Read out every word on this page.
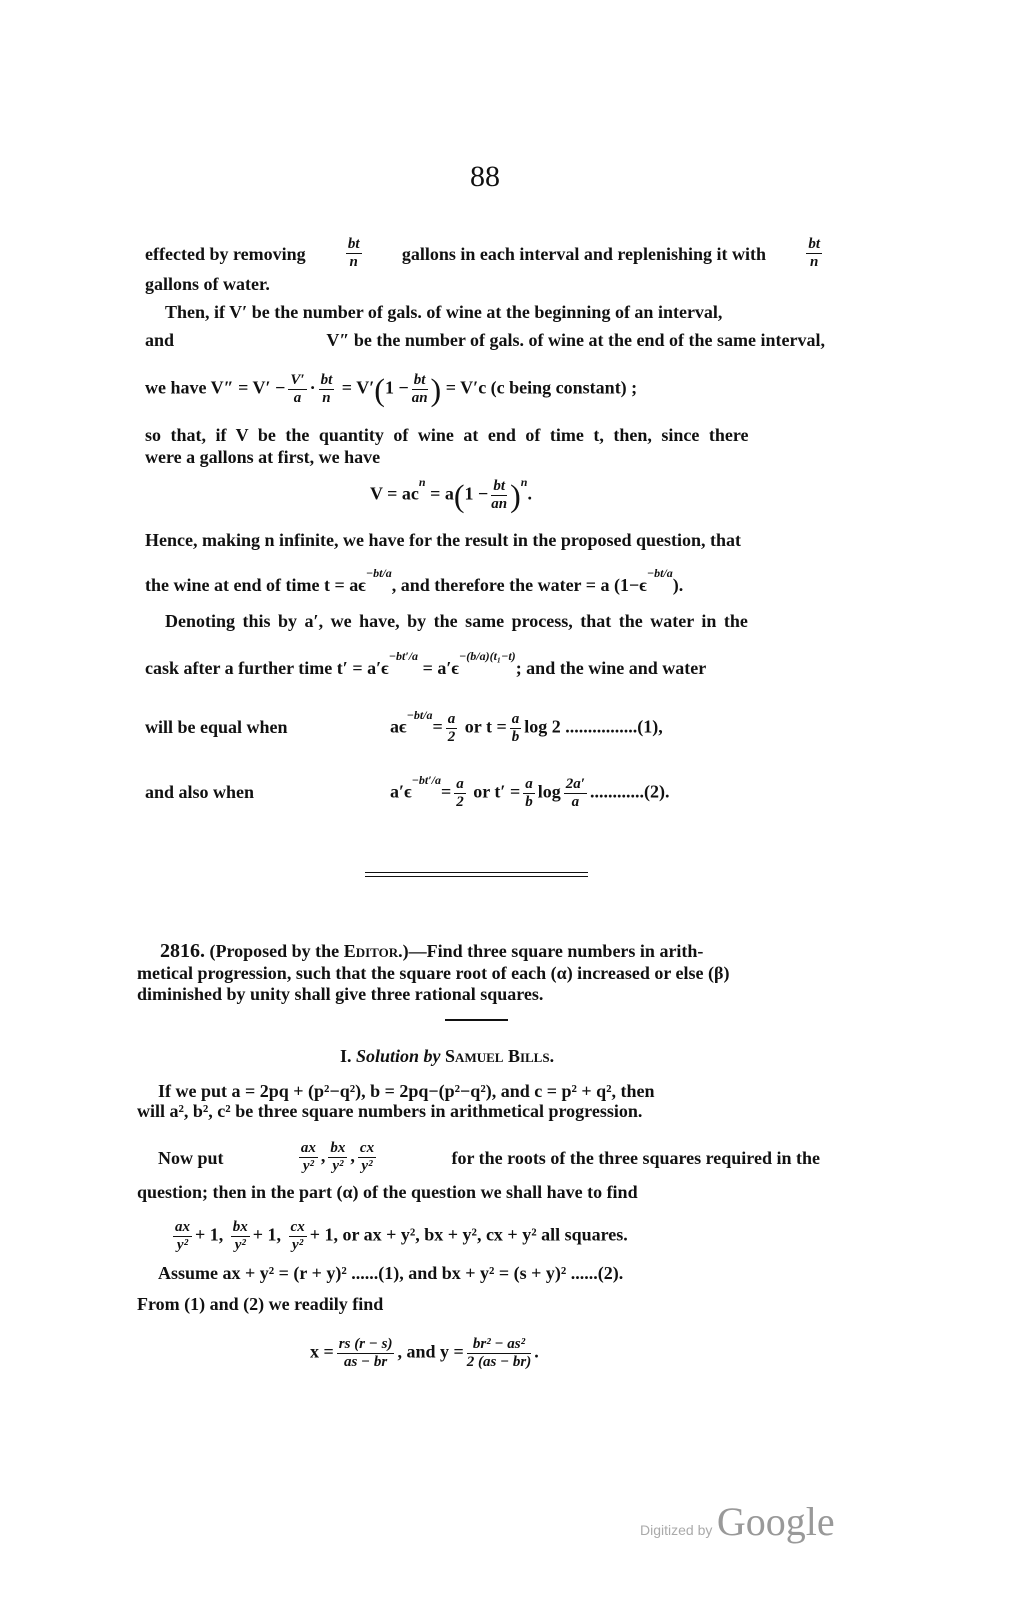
88
effected by removing	bt
n gallons in each interval and replenishing it with	bt
n
gallons of water.
Then, if V′ be the number of gals. of wine at the beginning of an interval,
and	V″ be the number of gals. of wine at the end of the same interval,
we have $V'' = V' - \frac{V'}{a} \cdot \frac{bt}{n} = V'(1 - \frac{bt}{an}$ ) = V′c (c being constant) ;
so that, if V be the quantity of wine at end of time t, then, since there
were a gallons at first, we have
$V = ac^n = a(1 - \frac{bt}{an} )^n$.
Hence, making n infinite, we have for the result in the proposed question, that
the wine at end of time $t = a\epsilon^{-bt/a}$, and therefore the water = a $(1-\epsilon^{-bt/a})$.
Denoting this by a′, we have, by the same process, that the water in the
cask after a further time $t' = a'\epsilon^{-bt'/a} = a'\epsilon^{-(b/a)(t_1-t)}$; and the wine and water
will be equal when	$a\epsilon^{-bt/a}= \frac{a}{2}$ or $t = \frac{a}{b}$ log 2 ................(1),
and also when	$a'\epsilon^{-bt'/a}= \frac{a}{2}$ or $t' = \frac{a}{b}$ $\log \frac{2a'}{a} ............(2)$.
2816. (Proposed by the Editor.)—Find three square numbers in arith-
metical progression, such that the square root of each (α) increased or else (β)
diminished by unity shall give three rational squares.
I. Solution by Samuel Bills.
If we put a = 2pq + (p²−q²), b = 2pq−(p²−q²), and c = p² + q², then
will a², b², c² be three square numbers in arithmetical progression.
Now put	$\frac{ax}{\text{y²}}$ , $\frac{bx}{\text{y²}}$ , $\frac{cx}{\text{y²}}$	for the roots of the three squares required in the
question; then in the part (α) of the question we shall have to find
$\frac{ax}{\text{y²}} + 1$, $\frac{bx}{\text{y²}} + 1$, $\frac{cx}{\text{y²}} + 1$, or ax + y², bx + y², cx + y² all squares.
Assume ax + y² = (r + y)² ......(1), and bx + y² = (s + y)² ......(2).
From (1) and (2) we readily find
$x = \frac{rs (r - s)}{as - br}$ , and $y = \frac{\text{br² − as²}}{2 (as - br)}$ .
Digitized by Google
